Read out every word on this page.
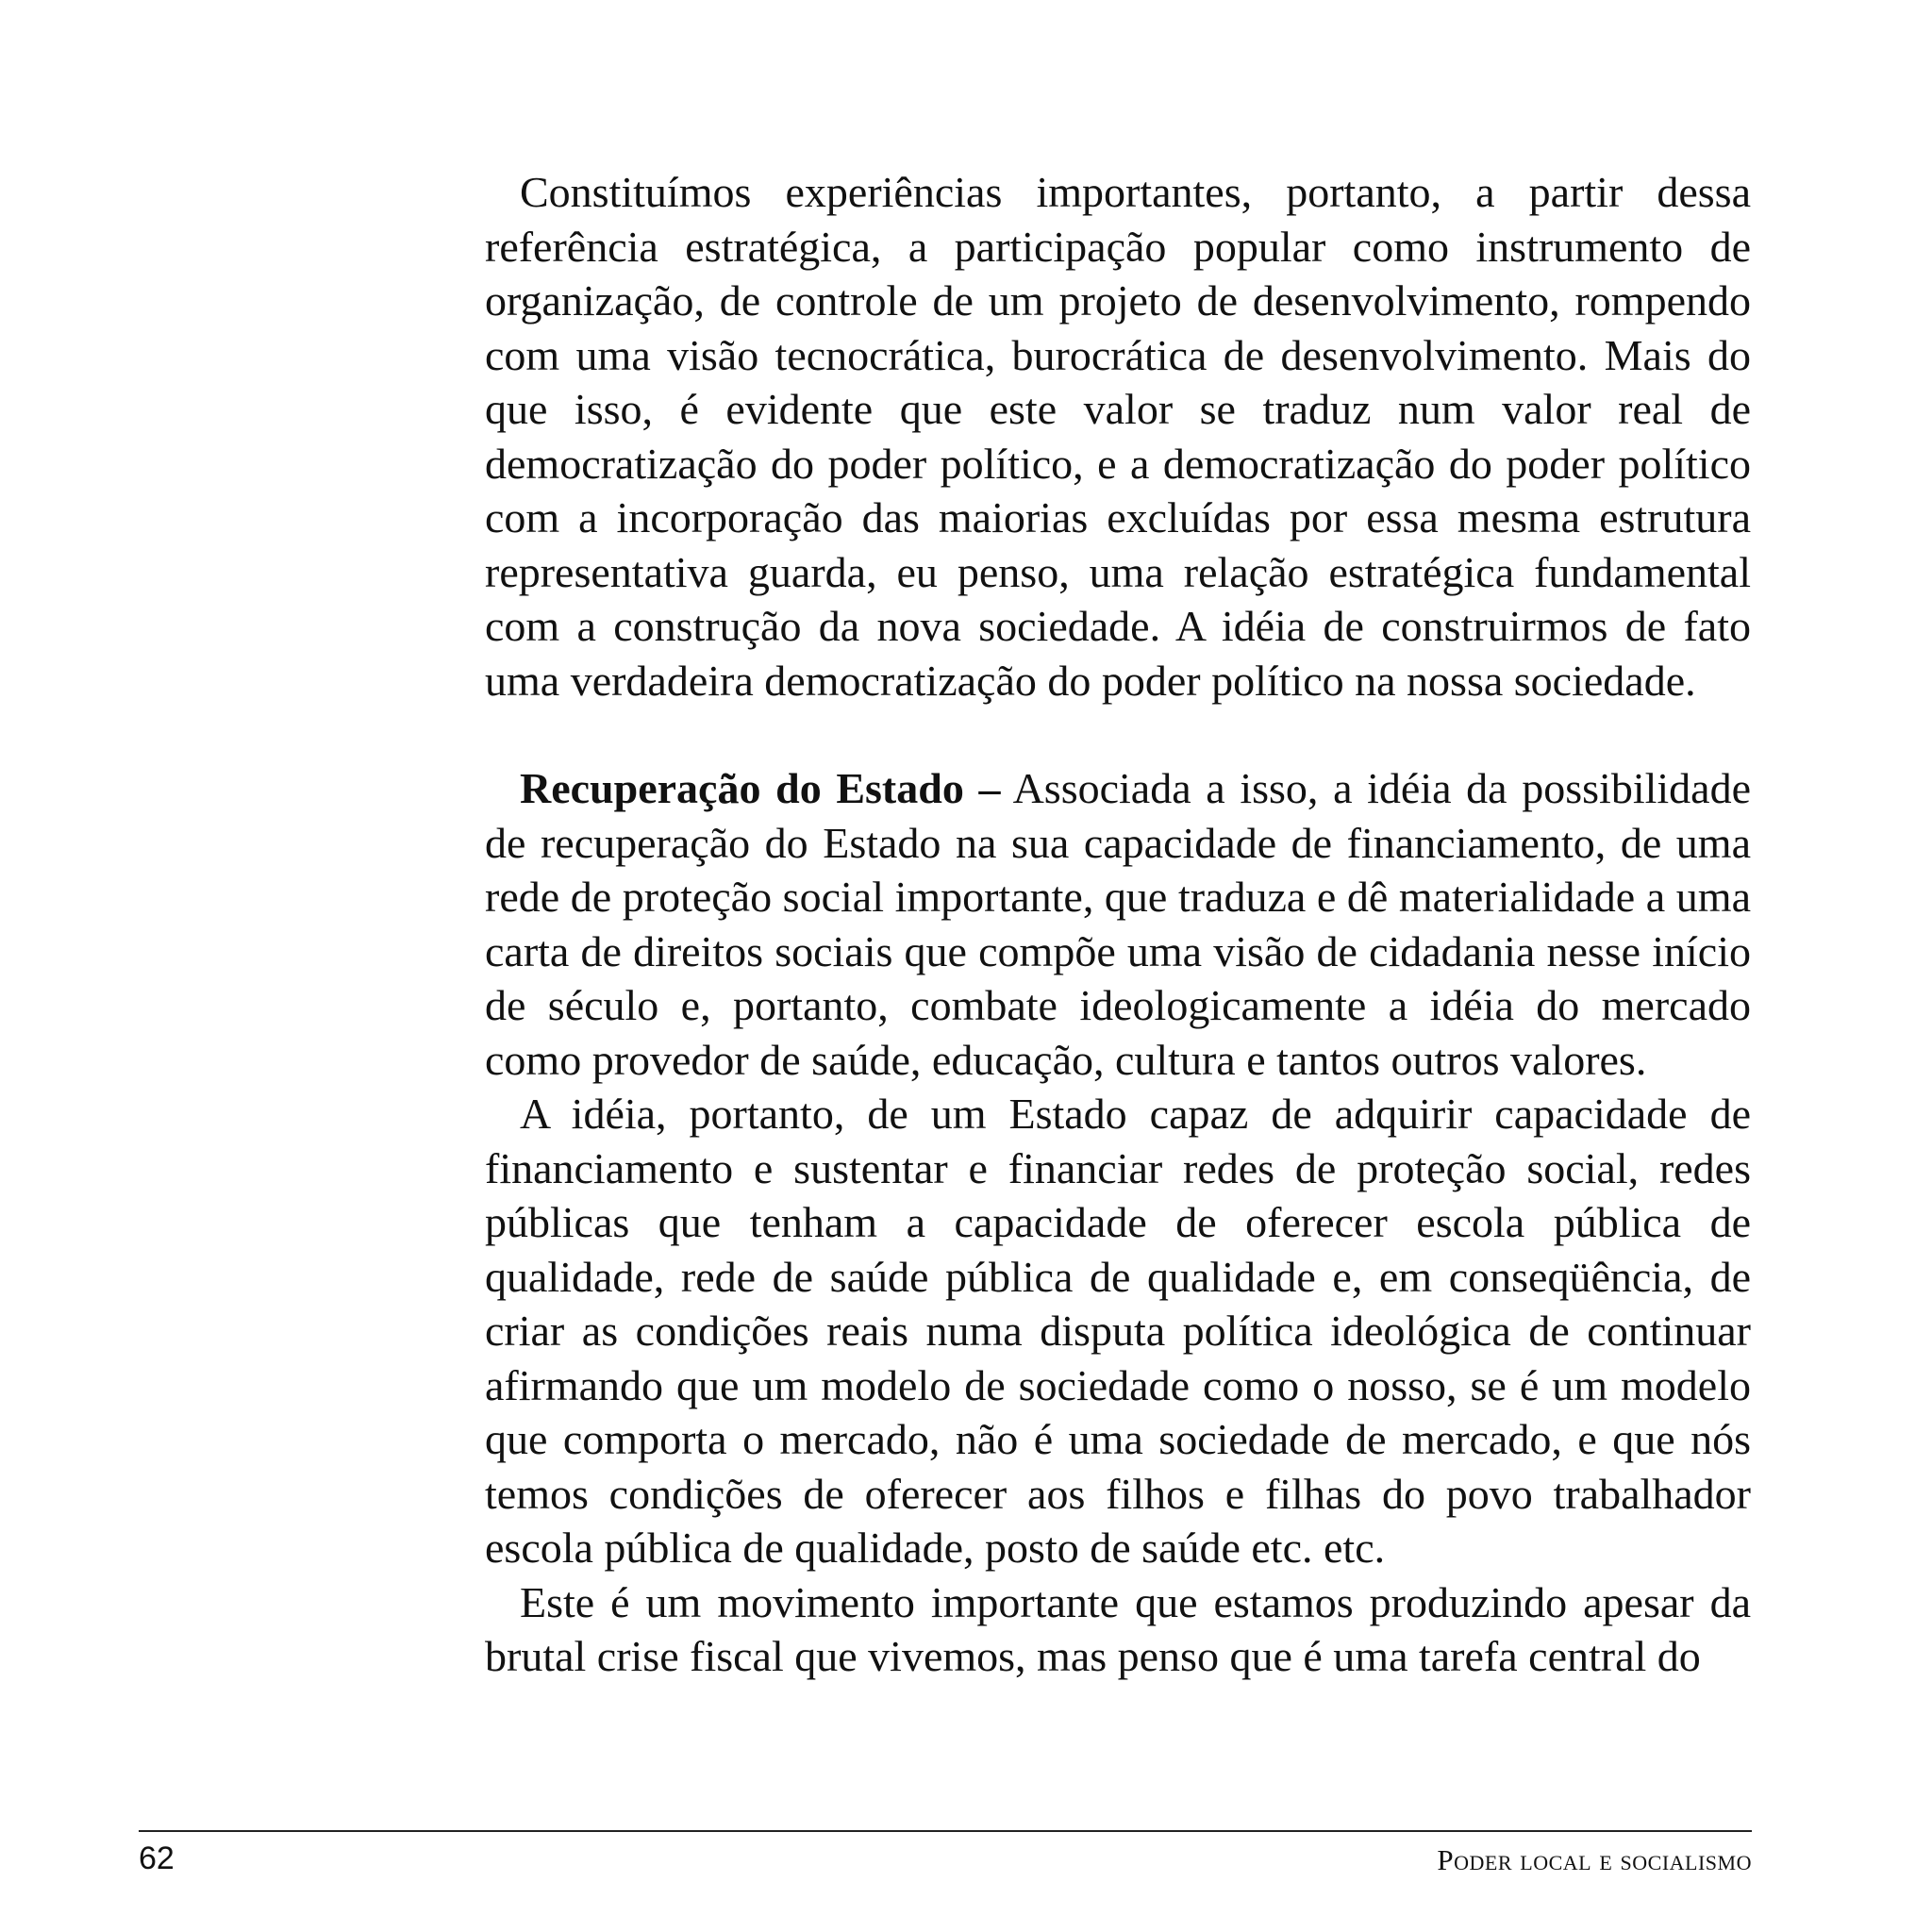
Constituímos experiências importantes, portanto, a partir dessa referência estratégica, a participação popular como instrumento de organização, de controle de um projeto de desenvolvimento, rompendo com uma visão tecnocrática, burocrática de desenvolvimento. Mais do que isso, é evidente que este valor se traduz num valor real de democratização do poder político, e a democratização do poder político com a incorporação das maiorias excluídas por essa mesma estrutura representativa guarda, eu penso, uma relação estratégica fundamental com a construção da nova sociedade. A idéia de construirmos de fato uma verdadeira democratização do poder político na nossa sociedade.

Recuperação do Estado – Associada a isso, a idéia da possibilidade de recuperação do Estado na sua capacidade de financiamento, de uma rede de proteção social importante, que traduza e dê materialidade a uma carta de direitos sociais que compõe uma visão de cidadania nesse início de século e, portanto, combate ideologicamente a idéia do mercado como provedor de saúde, educação, cultura e tantos outros valores.

A idéia, portanto, de um Estado capaz de adquirir capacidade de financiamento e sustentar e financiar redes de proteção social, redes públicas que tenham a capacidade de oferecer escola pública de qualidade, rede de saúde pública de qualidade e, em conseqüência, de criar as condições reais numa disputa política ideológica de continuar afirmando que um modelo de sociedade como o nosso, se é um modelo que comporta o mercado, não é uma sociedade de mercado, e que nós temos condições de oferecer aos filhos e filhas do povo trabalhador escola pública de qualidade, posto de saúde etc. etc.

Este é um movimento importante que estamos produzindo apesar da brutal crise fiscal que vivemos, mas penso que é uma tarefa central do

62	Poder local e socialismo
